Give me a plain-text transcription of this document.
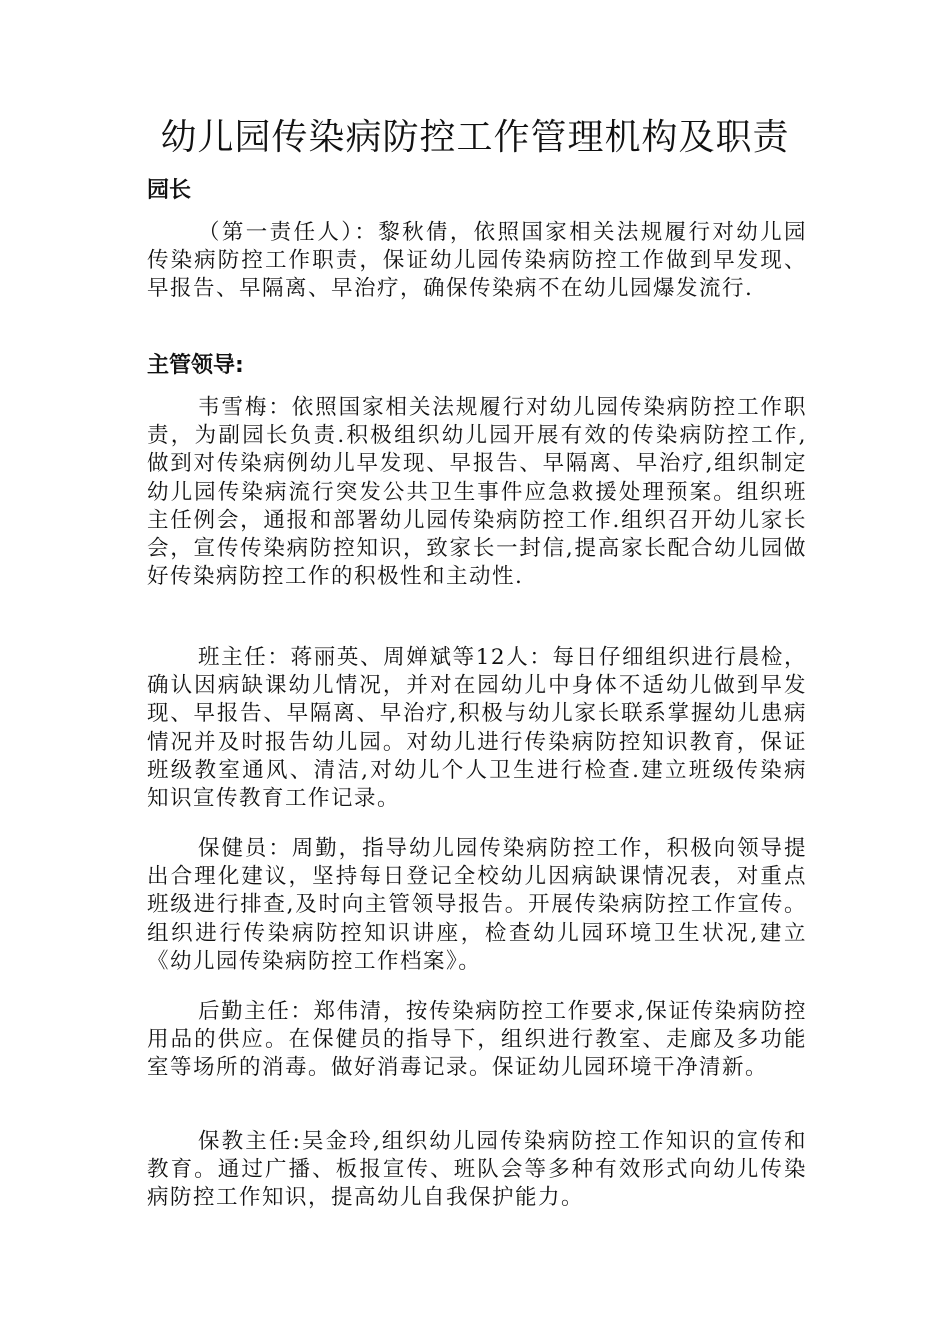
幼儿园传染病防控工作管理机构及职责
园长

（第一责任人）：黎秋倩，依照国家相关法规履行对幼儿园传染病防控工作职责，保证幼儿园传染病防控工作做到早发现、早报告、早隔离、早治疗，确保传染病不在幼儿园爆发流行.

主管领导:

韦雪梅：依照国家相关法规履行对幼儿园传染病防控工作职责，为副园长负责.积极组织幼儿园开展有效的传染病防控工作,做到对传染病例幼儿早发现、早报告、早隔离、早治疗,组织制定幼儿园传染病流行突发公共卫生事件应急救援处理预案。组织班主任例会，通报和部署幼儿园传染病防控工作.组织召开幼儿家长会，宣传传染病防控知识，致家长一封信,提高家长配合幼儿园做好传染病防控工作的积极性和主动性.

班主任：蒋丽英、周婵斌等12人：每日仔细组织进行晨检，确认因病缺课幼儿情况，并对在园幼儿中身体不适幼儿做到早发现、早报告、早隔离、早治疗,积极与幼儿家长联系掌握幼儿患病情况并及时报告幼儿园。对幼儿进行传染病防控知识教育，保证班级教室通风、清洁,对幼儿个人卫生进行检查.建立班级传染病知识宣传教育工作记录。

保健员：周勤，指导幼儿园传染病防控工作，积极向领导提出合理化建议，坚持每日登记全校幼儿因病缺课情况表，对重点班级进行排查,及时向主管领导报告。开展传染病防控工作宣传。组织进行传染病防控知识讲座，检查幼儿园环境卫生状况,建立《幼儿园传染病防控工作档案》。

后勤主任：郑伟清，按传染病防控工作要求,保证传染病防控用品的供应。在保健员的指导下，组织进行教室、走廊及多功能室等场所的消毒。做好消毒记录。保证幼儿园环境干净清新。

保教主任:吴金玲,组织幼儿园传染病防控工作知识的宣传和教育。通过广播、板报宣传、班队会等多种有效形式向幼儿传染病防控工作知识，提高幼儿自我保护能力。
